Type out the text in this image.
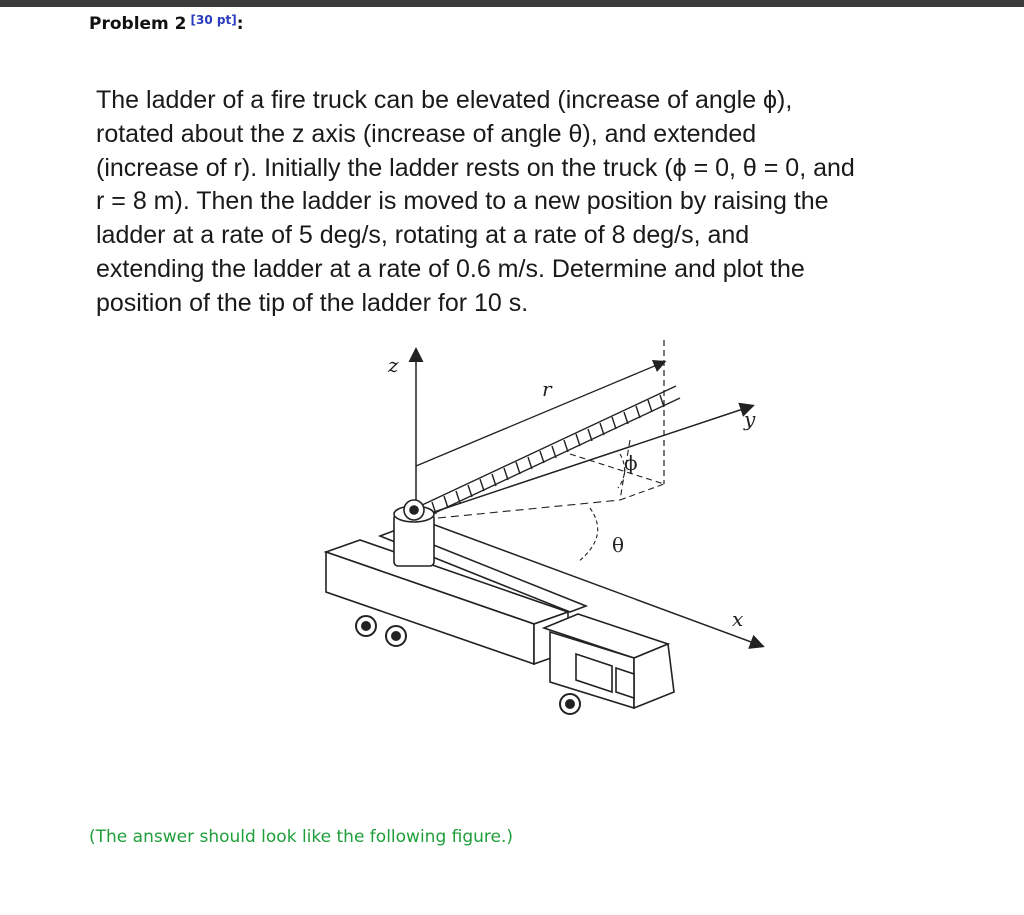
Problem 2 [30 pt]:
The ladder of a fire truck can be elevated (increase of angle ϕ),
rotated about the z axis (increase of angle θ), and extended
(increase of r). Initially the ladder rests on the truck (ϕ = 0, θ = 0, and
r = 8 m). Then the ladder is moved to a new position by raising the
ladder at a rate of 5 deg/s, rotating at a rate of 8 deg/s, and
extending the ladder at a rate of 0.6 m/s. Determine and plot the
position of the tip of the ladder for 10 s.
z
y
x
r
ϕ
θ
(The answer should look like the following figure.)
